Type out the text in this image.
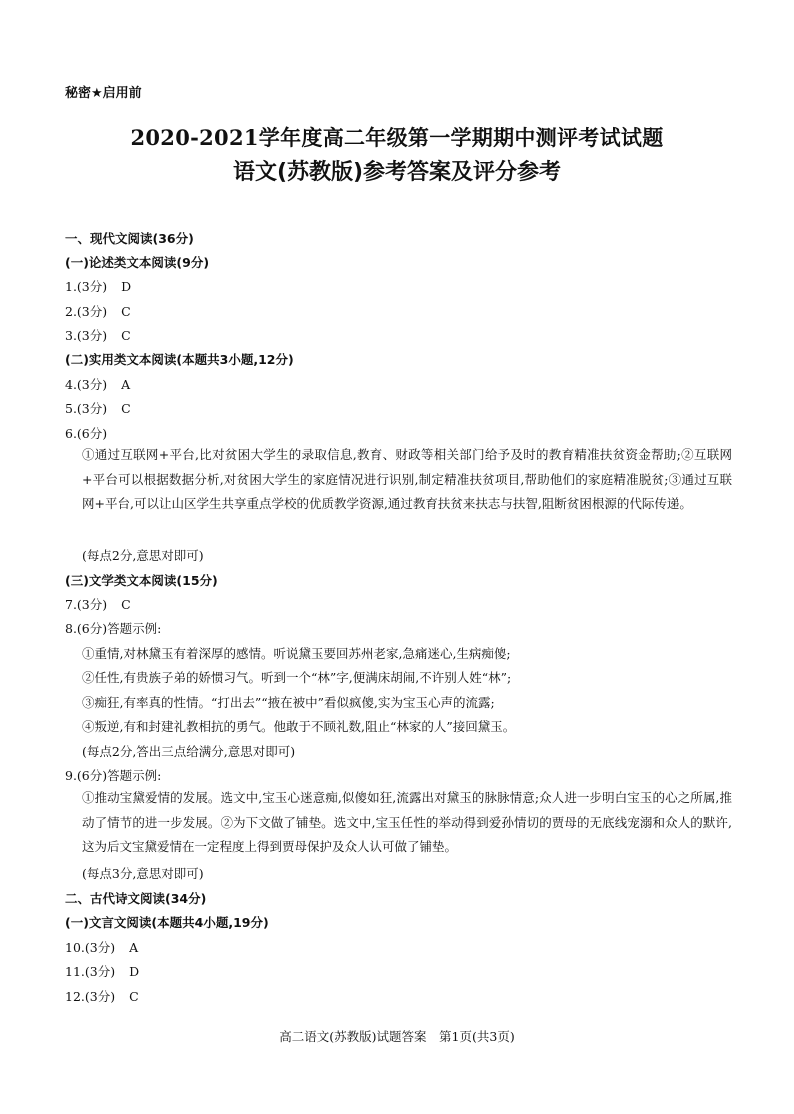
秘密★启用前
2020-2021学年度高二年级第一学期期中测评考试试题
语文(苏教版)参考答案及评分参考
一、现代文阅读(36分)
(一)论述类文本阅读(9分)
1.(3分) D
2.(3分) C
3.(3分) C
(二)实用类文本阅读(本题共3小题,12分)
4.(3分) A
5.(3分) C
6.(6分)
①通过互联网+平台,比对贫困大学生的录取信息,教育、财政等相关部门给予及时的教育精准扶贫资金帮助;②互联网+平台可以根据数据分析,对贫困大学生的家庭情况进行识别,制定精准扶贫项目,帮助他们的家庭精准脱贫;③通过互联网+平台,可以让山区学生共享重点学校的优质教学资源,通过教育扶贫来扶志与扶智,阻断贫困根源的代际传递。
(每点2分,意思对即可)
(三)文学类文本阅读(15分)
7.(3分) C
8.(6分)答题示例:
①重情,对林黛玉有着深厚的感情。听说黛玉要回苏州老家,急痛迷心,生病痴傻;
②任性,有贵族子弟的娇惯习气。听到一个“林”字,便满床胡闹,不许别人姓“林”;
③痴狂,有率真的性情。“打出去”“掖在被中”看似疯傻,实为宝玉心声的流露;
④叛逆,有和封建礼教相抗的勇气。他敢于不顾礼数,阻止“林家的人”接回黛玉。
(每点2分,答出三点给满分,意思对即可)
9.(6分)答题示例:
①推动宝黛爱情的发展。选文中,宝玉心迷意痴,似傻如狂,流露出对黛玉的脉脉情意;众人进一步明白宝玉的心之所属,推动了情节的进一步发展。②为下文做了铺垫。选文中,宝玉任性的举动得到爱孙情切的贾母的无底线宠溺和众人的默许,这为后文宝黛爱情在一定程度上得到贾母保护及众人认可做了铺垫。
(每点3分,意思对即可)
二、古代诗文阅读(34分)
(一)文言文阅读(本题共4小题,19分)
10.(3分) A
11.(3分) D
12.(3分) C
高二语文(苏教版)试题答案　第1页(共3页)
